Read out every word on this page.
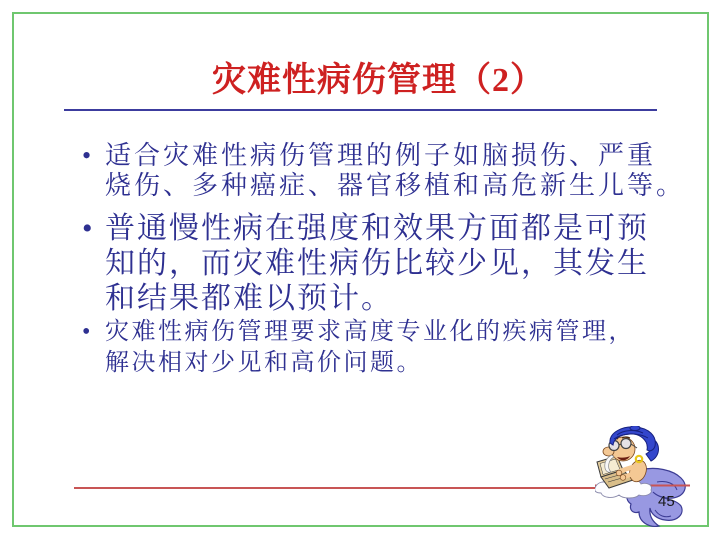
灾难性病伤管理（2）
• 适合灾难性病伤管理的例子如脑损伤、严重
烧伤、多种癌症、器官移植和高危新生儿等。
• 普通慢性病在强度和效果方面都是可预
知的，而灾难性病伤比较少见，其发生
和结果都难以预计。
• 灾难性病伤管理要求高度专业化的疾病管理，
解决相对少见和高价问题。
45
